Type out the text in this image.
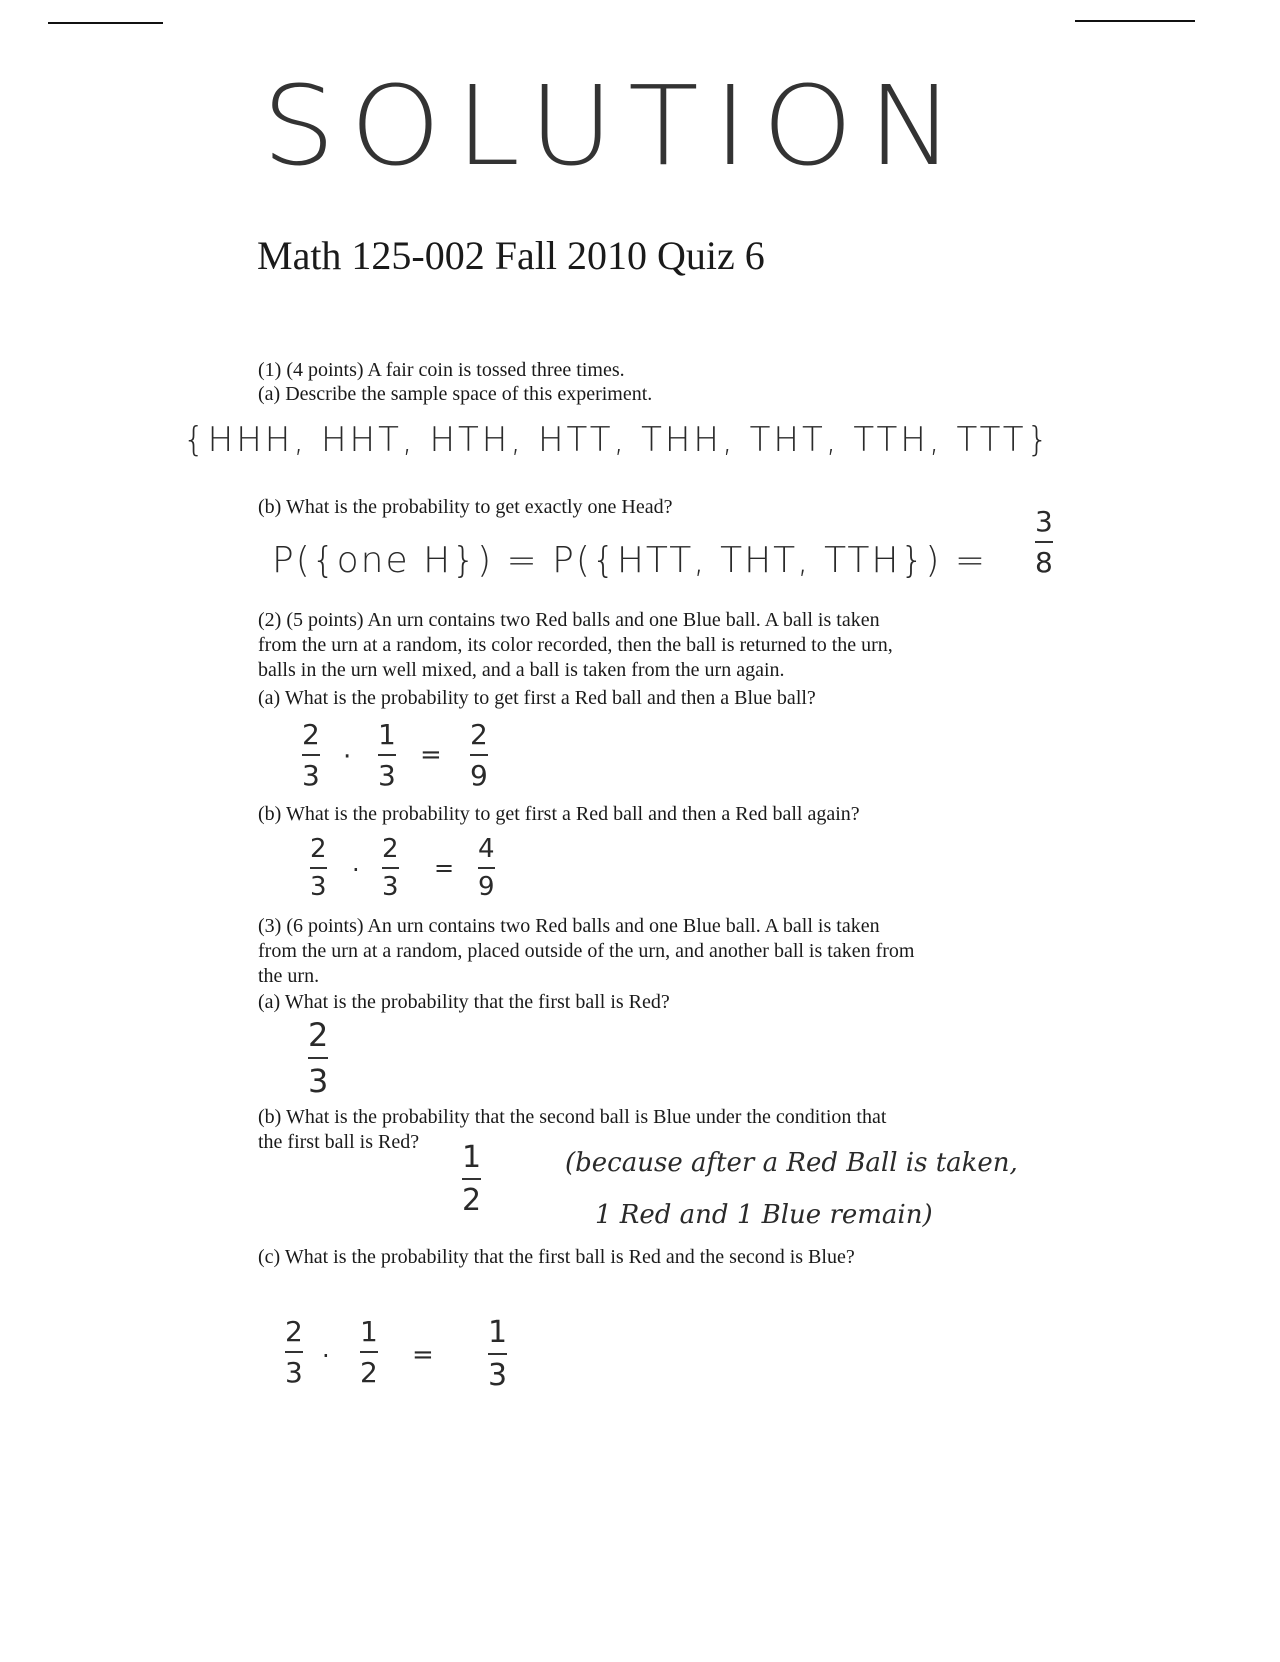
SOLUTION
Math 125-002 Fall 2010 Quiz 6
(1) (4 points) A fair coin is tossed three times.
(a) Describe the sample space of this experiment.
{HHH, HHT, HTH, HTT, THH, THT, TTH, TTT}
(b) What is the probability to get exactly one Head?
P({one H}) = P({HTT, THT, TTH}) =
3
8
(2) (5 points) An urn contains two Red balls and one Blue ball. A ball is taken
from the urn at a random, its color recorded, then the ball is returned to the urn,
balls in the urn well mixed, and a ball is taken from the urn again.
(a) What is the probability to get first a Red ball and then a Blue ball?
2
3
·
1
3
=
2
9
(b) What is the probability to get first a Red ball and then a Red ball again?
2
3
·
2
3
=
4
9
(3) (6 points) An urn contains two Red balls and one Blue ball. A ball is taken
from the urn at a random, placed outside of the urn, and another ball is taken from
the urn.
(a) What is the probability that the first ball is Red?
2
3
(b) What is the probability that the second ball is Blue under the condition that
the first ball is Red? 1
2
(because after a Red Ball is taken,
1 Red and 1 Blue remain)
(c) What is the probability that the first ball is Red and the second is Blue?
2
3 ·
1
2
=
1
3
